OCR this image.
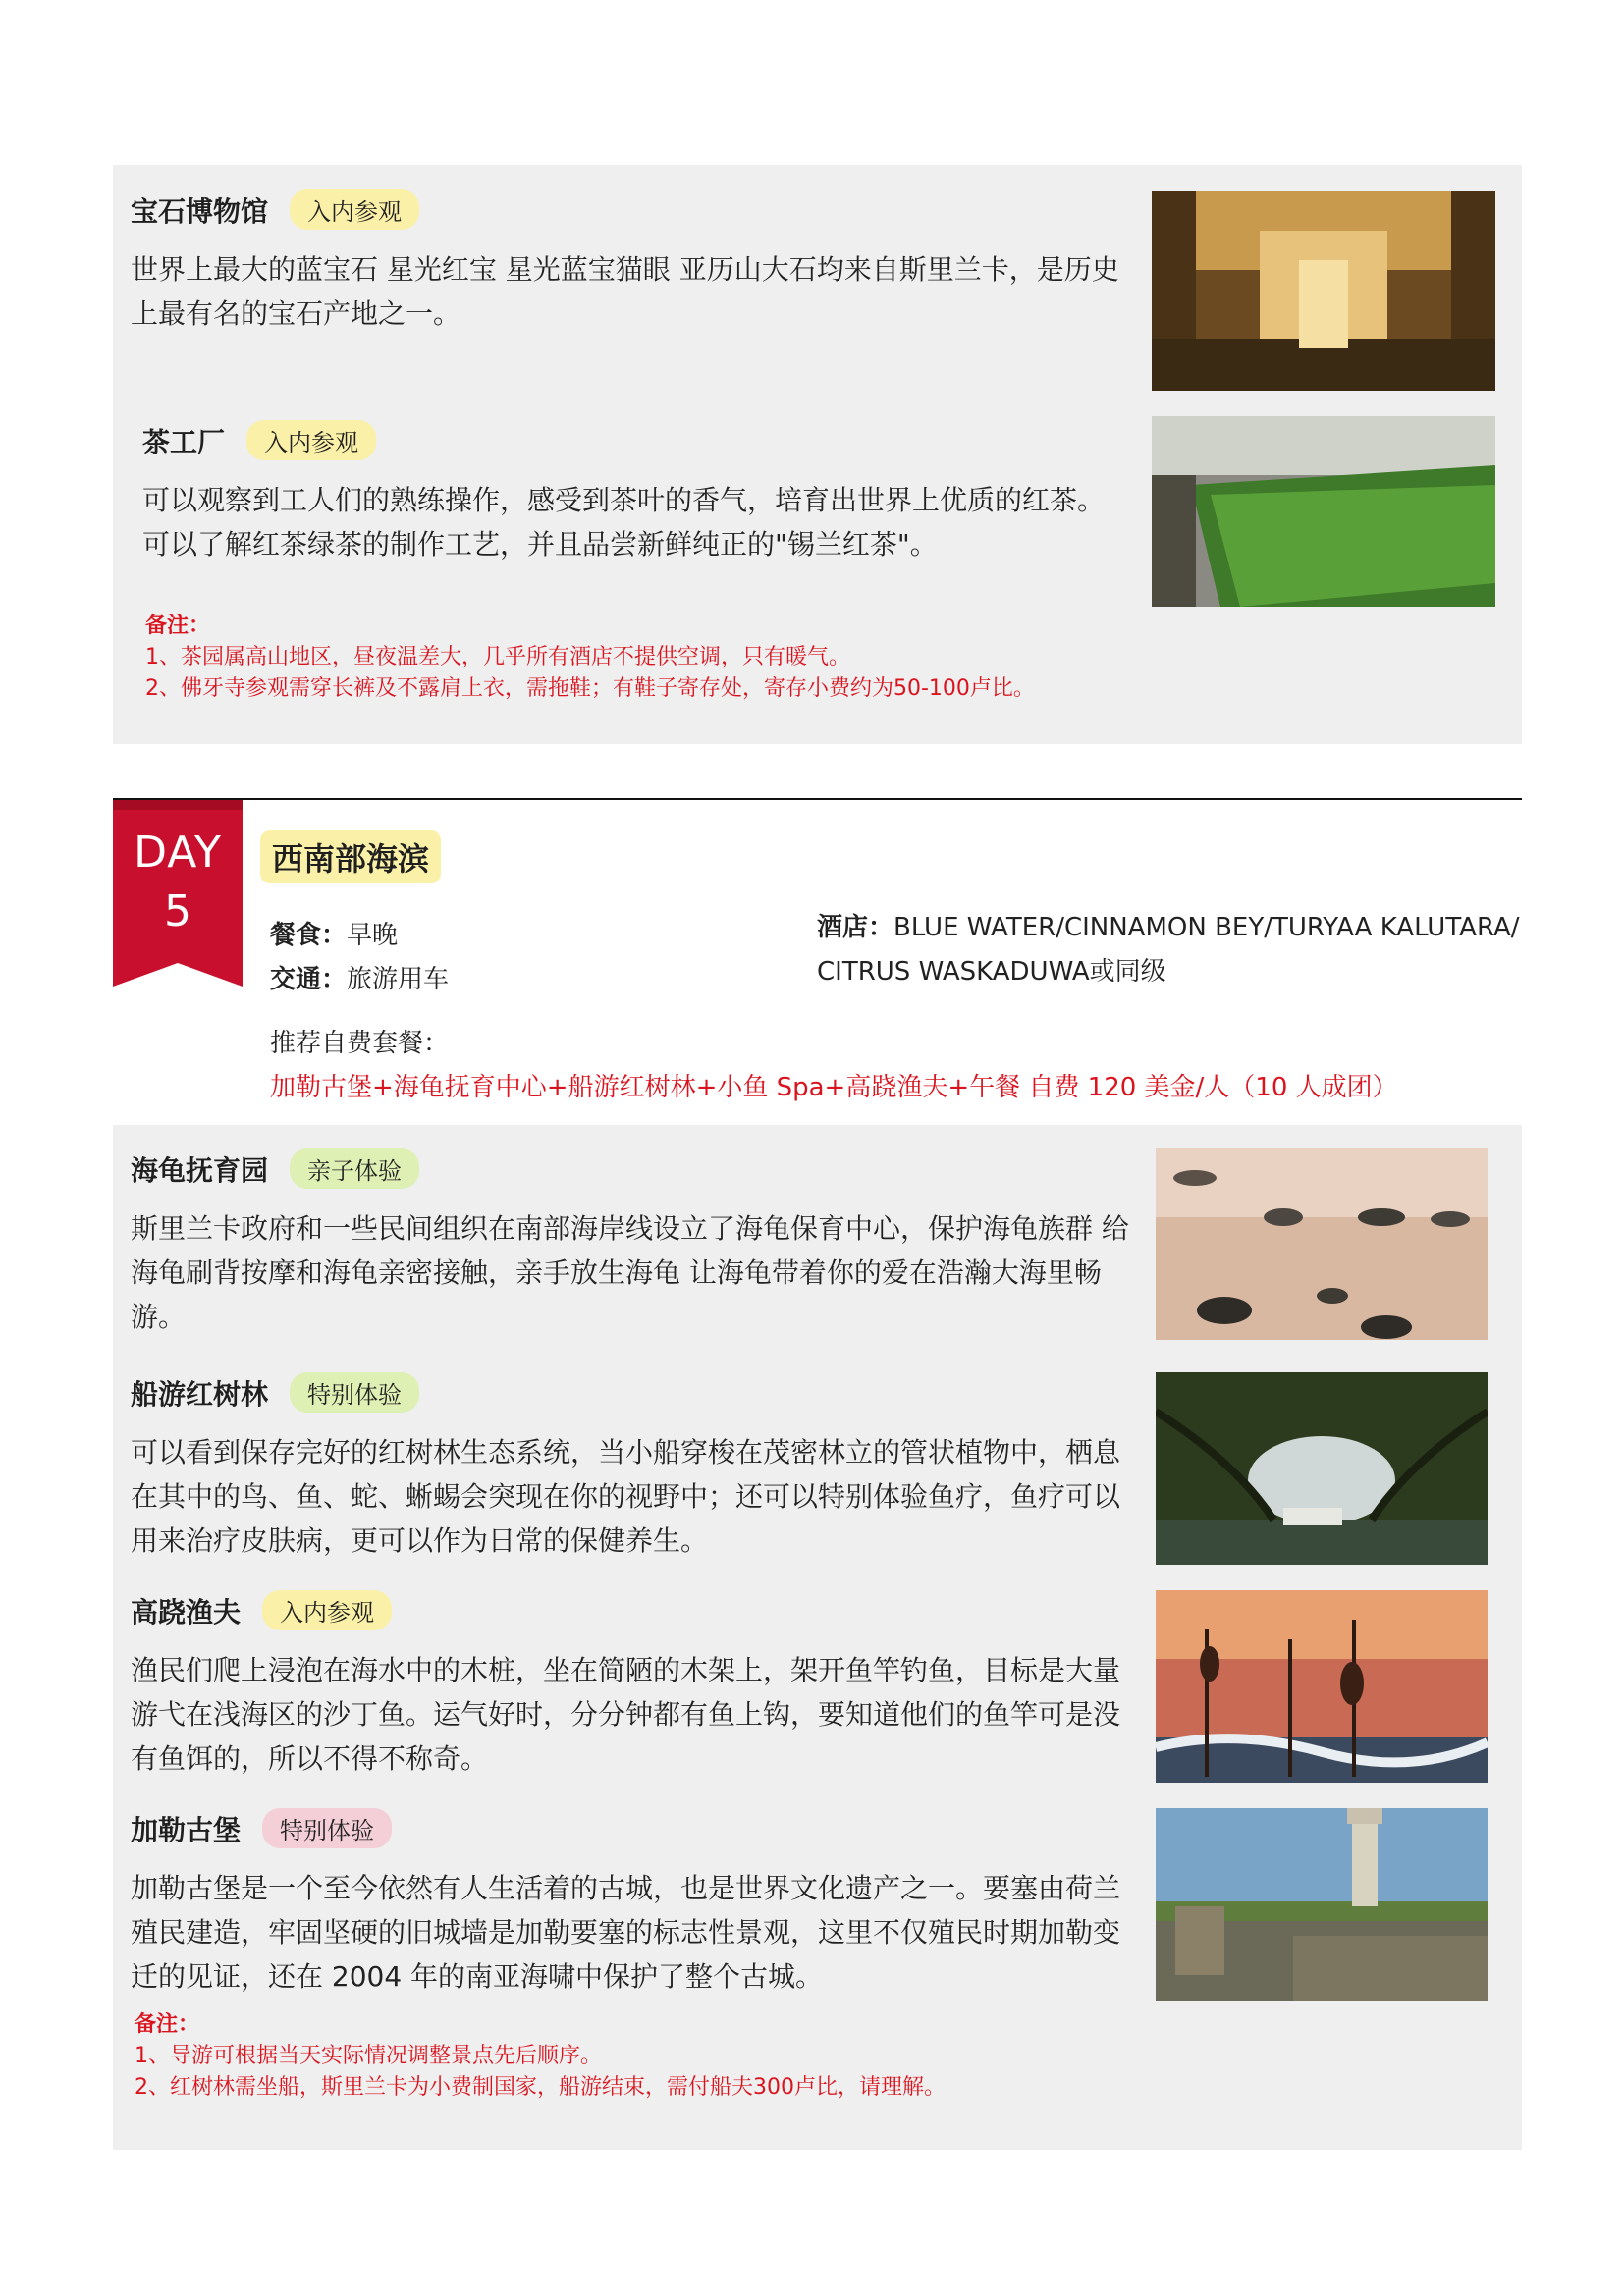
宝石博物馆	入内参观
世界上最大的蓝宝石 星光红宝 星光蓝宝猫眼 亚历山大石均来自斯里兰卡，是历史上最有名的宝石产地之一。
茶工厂	入内参观
可以观察到工人们的熟练操作，感受到茶叶的香气，培育出世界上优质的红茶。可以了解红茶绿茶的制作工艺，并且品尝新鲜纯正的"锡兰红茶"。
备注：
1、茶园属高山地区，昼夜温差大，几乎所有酒店不提供空调，只有暖气。
2、佛牙寺参观需穿长裤及不露肩上衣，需拖鞋；有鞋子寄存处，寄存小费约为50-100卢比。
DAY
5
西南部海滨
餐食：早晚
交通：旅游用车
酒店：BLUE WATER/CINNAMON BEY/TURYAA KALUTARA/
CITRUS WASKADUWA或同级
推荐自费套餐：
加勒古堡+海龟抚育中心+船游红树林+小鱼 Spa+高跷渔夫+午餐 自费 120 美金/人（10 人成团）
海龟抚育园	亲子体验
斯里兰卡政府和一些民间组织在南部海岸线设立了海龟保育中心，保护海龟族群 给海龟刷背按摩和海龟亲密接触，亲手放生海龟 让海龟带着你的爱在浩瀚大海里畅游。
船游红树林	特别体验
可以看到保存完好的红树林生态系统，当小船穿梭在茂密林立的管状植物中，栖息在其中的鸟、鱼、蛇、蜥蜴会突现在你的视野中；还可以特别体验鱼疗，鱼疗可以用来治疗皮肤病，更可以作为日常的保健养生。
高跷渔夫	入内参观
渔民们爬上浸泡在海水中的木桩，坐在简陋的木架上，架开鱼竿钓鱼，目标是大量游弋在浅海区的沙丁鱼。运气好时，分分钟都有鱼上钩，要知道他们的鱼竿可是没有鱼饵的，所以不得不称奇。
加勒古堡	特别体验
加勒古堡是一个至今依然有人生活着的古城，也是世界文化遗产之一。要塞由荷兰殖民建造，牢固坚硬的旧城墙是加勒要塞的标志性景观，这里不仅殖民时期加勒变迁的见证，还在 2004 年的南亚海啸中保护了整个古城。
备注：
1、导游可根据当天实际情况调整景点先后顺序。
2、红树林需坐船，斯里兰卡为小费制国家，船游结束，需付船夫300卢比，请理解。
